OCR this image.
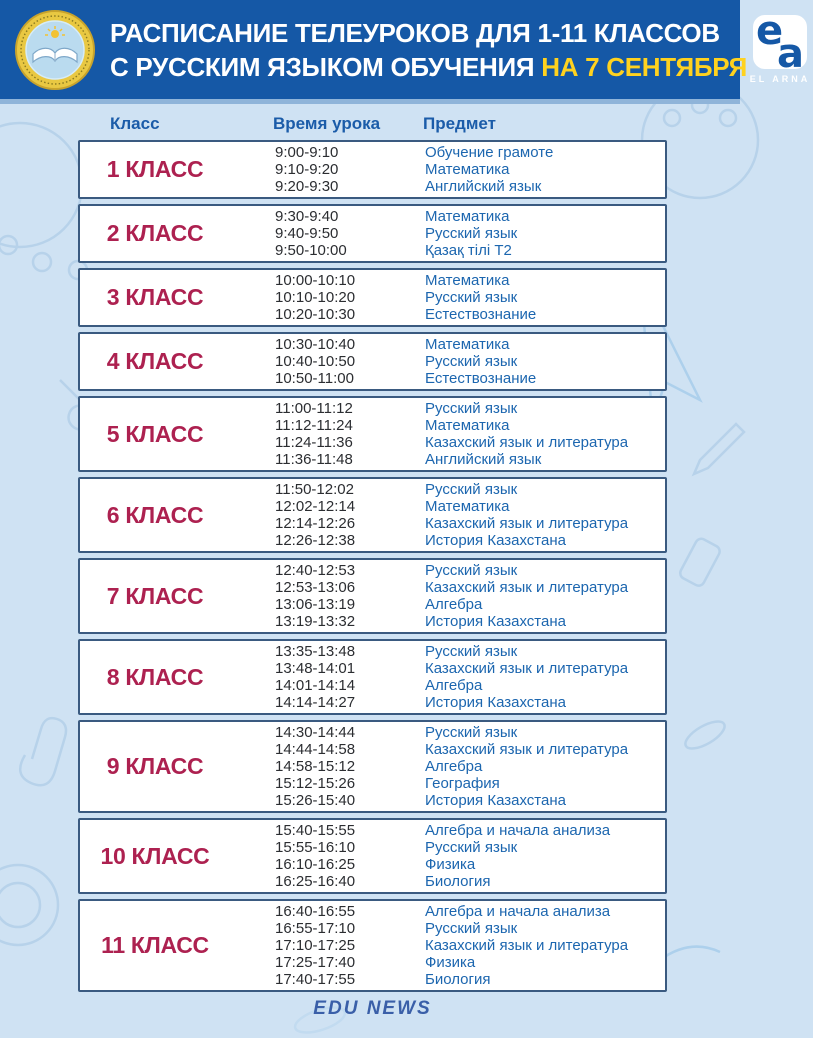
РАСПИСАНИЕ ТЕЛЕУРОКОВ ДЛЯ 1-11 КЛАССОВ
С РУССКИМ ЯЗЫКОМ ОБУЧЕНИЯ НА 7 СЕНТЯБРЯ
e
a
EL ARNA
Класс	Время урока	Предмет
1 КЛАСС
9:00-9:10
9:10-9:20
9:20-9:30
Обучение грамоте
Математика
Английский язык
2 КЛАСС
9:30-9:40
9:40-9:50
9:50-10:00
Математика
Русский язык
Қазақ тілі Т2
3 КЛАСС
10:00-10:10
10:10-10:20
10:20-10:30
Математика
Русский язык
Естествознание
4 КЛАСС
10:30-10:40
10:40-10:50
10:50-11:00
Математика
Русский язык
Естествознание
5 КЛАСС
11:00-11:12
11:12-11:24
11:24-11:36
11:36-11:48
Русский язык
Математика
Казахский язык и литература
Английский язык
6 КЛАСС
11:50-12:02
12:02-12:14
12:14-12:26
12:26-12:38
Русский язык
Математика
Казахский язык и литература
История Казахстана
7 КЛАСС
12:40-12:53
12:53-13:06
13:06-13:19
13:19-13:32
Русский язык
Казахский язык и литература
Алгебра
История Казахстана
8 КЛАСС
13:35-13:48
13:48-14:01
14:01-14:14
14:14-14:27
Русский язык
Казахский язык и литература
Алгебра
История Казахстана
9 КЛАСС
14:30-14:44
14:44-14:58
14:58-15:12
15:12-15:26
15:26-15:40
Русский язык
Казахский язык и литература
Алгебра
География
История Казахстана
10 КЛАСС
15:40-15:55
15:55-16:10
16:10-16:25
16:25-16:40
Алгебра и начала анализа
Русский язык
Физика
Биология
11 КЛАСС
16:40-16:55
16:55-17:10
17:10-17:25
17:25-17:40
17:40-17:55
Алгебра и начала анализа
Русский язык
Казахский язык и литература
Физика
Биология
EDU NEWS
